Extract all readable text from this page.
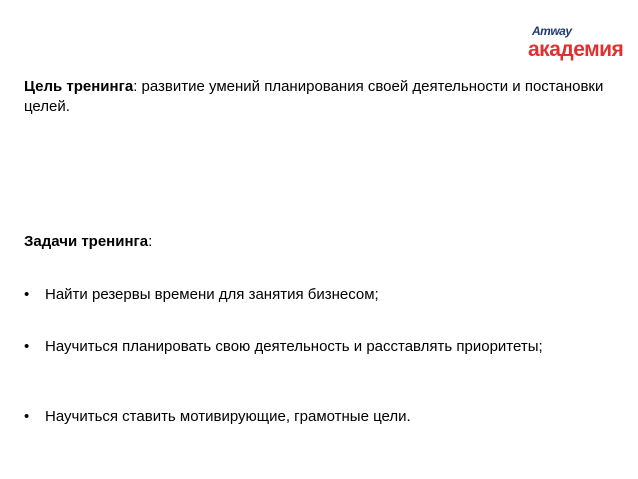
Amway
академия
Цель тренинга: развитие умений планирования своей деятельности и постановки целей.
Задачи тренинга:
• Найти резервы времени для занятия бизнесом;
• Научиться планировать свою деятельность и расставлять приоритеты;
• Научиться ставить мотивирующие, грамотные цели.
